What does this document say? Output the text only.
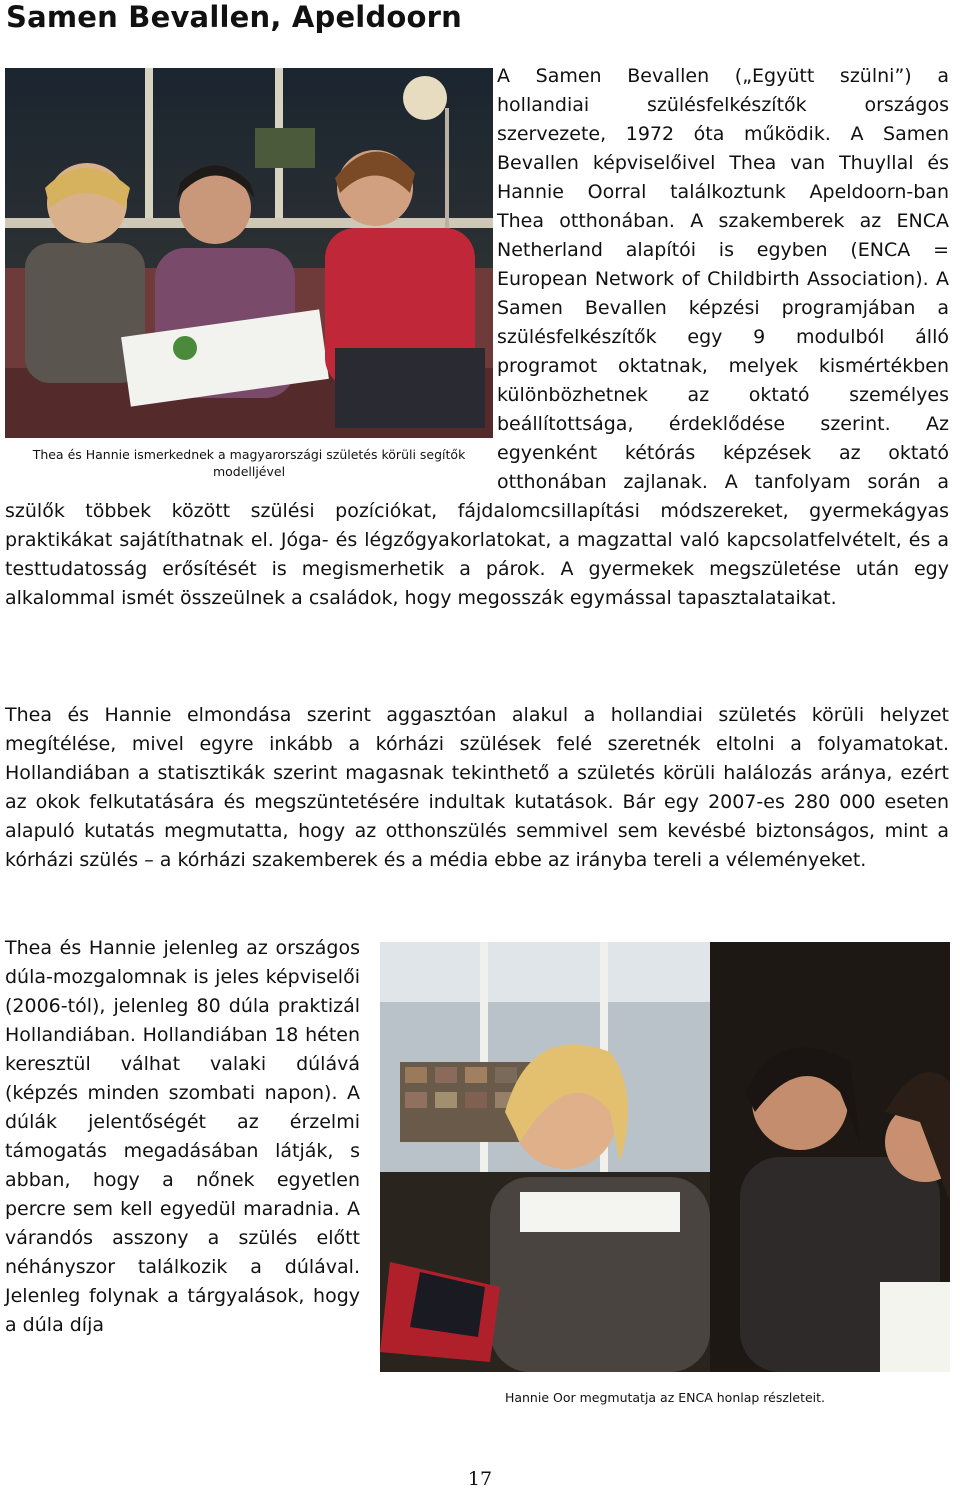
Samen Bevallen, Apeldoorn
Thea és Hannie ismerkednek a magyarországi születés körüli segítők modelljével
A Samen Bevallen („Együtt szülni”) a hollandiai szülésfelkészítők országos szervezete, 1972 óta működik. A Samen Bevallen képviselőivel Thea van Thuyllal és Hannie Oorral találkoztunk Apeldoorn-ban Thea otthonában. A szakemberek az ENCA Netherland alapítói is egyben (ENCA = European Network of Childbirth Association). A Samen Bevallen képzési programjában a szülésfelkészítők egy 9 modulból álló programot oktatnak, melyek kismértékben különbözhetnek az oktató személyes beállítottsága, érdeklődése szerint. Az egyenként kétórás képzések az oktató otthonában zajlanak. A tanfolyam során a szülők többek között szülési pozíciókat, fájdalomcsillapítási módszereket, gyermekágyas praktikákat sajátíthatnak el. Jóga- és légzőgyakorlatokat, a magzattal való kapcsolatfelvételt, és a testtudatosság erősítését is megismerhetik a párok. A gyermekek megszületése után egy alkalommal ismét összeülnek a családok, hogy megosszák egymással tapasztalataikat.

Thea és Hannie elmondása szerint aggasztóan alakul a hollandiai születés körüli helyzet megítélése, mivel egyre inkább a kórházi szülések felé szeretnék eltolni a folyamatokat. Hollandiában a statisztikák szerint magasnak tekinthető a születés körüli halálozás aránya, ezért az okok felkutatására és megszüntetésére indultak kutatások. Bár egy 2007-es 280 000 eseten alapuló kutatás megmutatta, hogy az otthonszülés semmivel sem kevésbé biztonságos, mint a kórházi szülés – a kórházi szakemberek és a média ebbe az irányba tereli a véleményeket.

Hannie Oor megmutatja az ENCA honlap részleteit.

Thea és Hannie jelenleg az országos dúla-mozgalomnak is jeles képviselői (2006-tól), jelenleg 80 dúla praktizál Hollandiában. Hollandiában 18 héten keresztül válhat valaki dúlává (képzés minden szombati napon). A dúlák jelentőségét az érzelmi támogatás megadásában látják, s abban, hogy a nőnek egyetlen percre sem kell egyedül maradnia. A várandós asszony a szülés előtt néhányszor találkozik a dúlával. Jelenleg folynak a tárgyalások, hogy a dúla díja

17
